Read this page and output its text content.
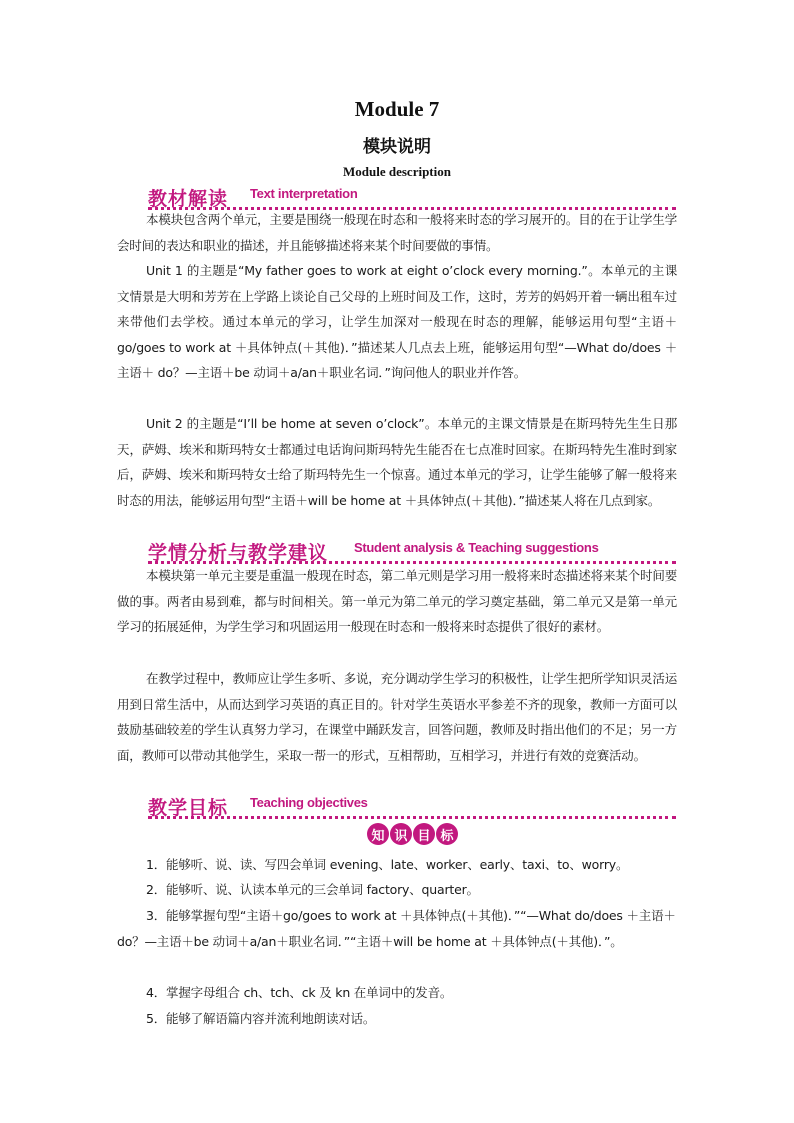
Module 7
模块说明
Module description
教材解读 Text interpretation
本模块包含两个单元，主要是围绕一般现在时态和一般将来时态的学习展开的。目的在于让学生学会时间的表达和职业的描述，并且能够描述将来某个时间要做的事情。
Unit 1 的主题是“My father goes to work at eight o’clock every morning.”。本单元的主课文情景是大明和芳芳在上学路上谈论自己父母的上班时间及工作，这时，芳芳的妈妈开着一辆出租车过来带他们去学校。通过本单元的学习，让学生加深对一般现在时态的理解，能够运用句型“主语＋go/goes to work at ＋具体钟点(＋其他)．”描述某人几点去上班，能够运用句型“—What do/does ＋主语＋ do？—主语＋be 动词＋a/an＋职业名词．”询问他人的职业并作答。
Unit 2 的主题是“I’ll be home at seven o’clock”。本单元的主课文情景是在斯玛特先生生日那天，萨姆、埃米和斯玛特女士都通过电话询问斯玛特先生能否在七点准时回家。在斯玛特先生准时到家后，萨姆、埃米和斯玛特女士给了斯玛特先生一个惊喜。通过本单元的学习，让学生能够了解一般将来时态的用法，能够运用句型“主语＋will be home at ＋具体钟点(＋其他)．”描述某人将在几点到家。
学情分析与教学建议 Student analysis & Teaching suggestions
本模块第一单元主要是重温一般现在时态，第二单元则是学习用一般将来时态描述将来某个时间要做的事。两者由易到难，都与时间相关。第一单元为第二单元的学习奠定基础，第二单元又是第一单元学习的拓展延伸，为学生学习和巩固运用一般现在时态和一般将来时态提供了很好的素材。
在教学过程中，教师应让学生多听、多说，充分调动学生学习的积极性，让学生把所学知识灵活运用到日常生活中，从而达到学习英语的真正目的。针对学生英语水平参差不齐的现象，教师一方面可以鼓励基础较差的学生认真努力学习，在课堂中踊跃发言，回答问题，教师及时指出他们的不足；另一方面，教师可以带动其他学生，采取一帮一的形式，互相帮助，互相学习，并进行有效的竞赛活动。
教学目标 Teaching objectives
知 识 目 标
1．能够听、说、读、写四会单词 evening、late、worker、early、taxi、to、worry。
2．能够听、说、认读本单元的三会单词 factory、quarter。
3．能够掌握句型“主语＋go/goes to work at ＋具体钟点(＋其他)．”“—What do/does ＋主语＋ do？—主语＋be 动词＋a/an＋职业名词．”“主语＋will be home at ＋具体钟点(＋其他)．”。
4．掌握字母组合 ch、tch、ck 及 kn 在单词中的发音。
5．能够了解语篇内容并流利地朗读对话。
